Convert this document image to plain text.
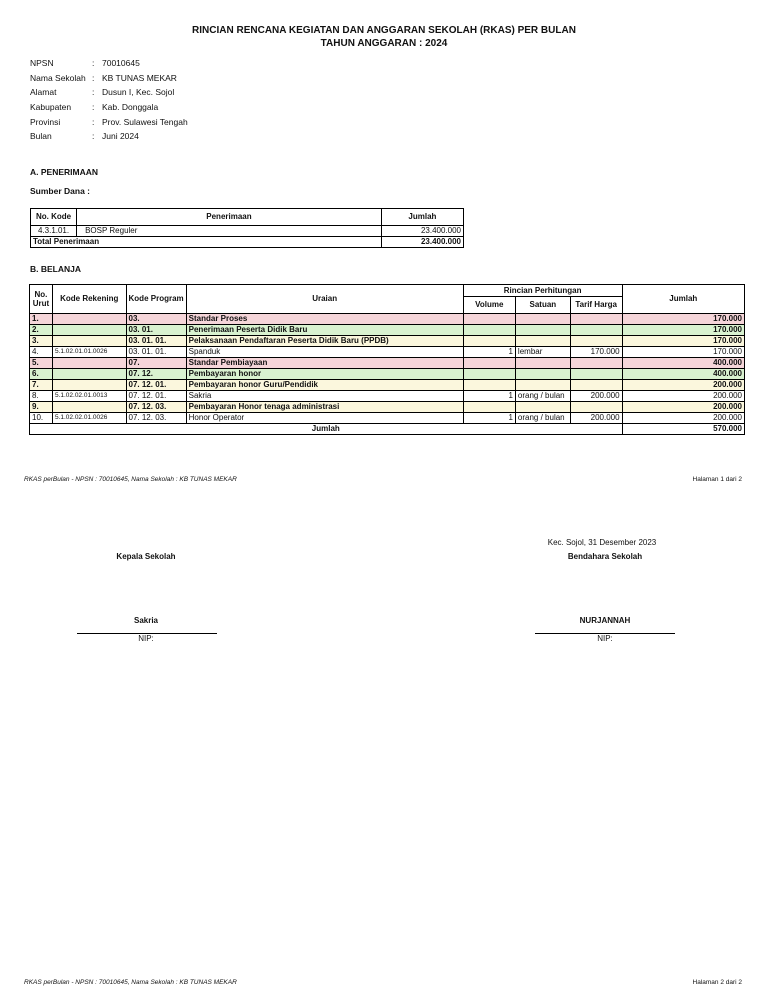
RINCIAN RENCANA KEGIATAN DAN ANGGARAN SEKOLAH (RKAS) PER BULAN
TAHUN ANGGARAN : 2024
NPSN	: 70010645
Nama Sekolah : KB TUNAS MEKAR
Alamat	: Dusun I, Kec. Sojol
Kabupaten	: Kab. Donggala
Provinsi	: Prov. Sulawesi Tengah
Bulan	: Juni 2024
A. PENERIMAAN
Sumber Dana :
No. Kode	Penerimaan	Jumlah
4.3.1.01.	BOSP Reguler	23.400.000
Total Penerimaan		23.400.000
B. BELANJA
No. Urut	Kode Rekening	Kode Program	Uraian	Rincian Perhitungan			Jumlah
				Volume	Satuan	Tarif Harga	
1.		03.	Standar Proses				170.000
2.		03. 01.	Penerimaan Peserta Didik Baru				170.000
3.		03. 01. 01.	Pelaksanaan Pendaftaran Peserta Didik Baru (PPDB)				170.000
4.	5.1.02.01.01.0026	03. 01. 01.	Spanduk	1	lembar	170.000	170.000
5.		07.	Standar Pembiayaan				400.000
6.		07. 12.	Pembayaran honor				400.000
7.		07. 12. 01.	Pembayaran honor Guru/Pendidik				200.000
8.	5.1.02.02.01.0013	07. 12. 01.	Sakria	1	orang / bulan	200.000	200.000
9.		07. 12. 03.	Pembayaran Honor tenaga administrasi				200.000
10.	5.1.02.02.01.0026	07. 12. 03.	Honor Operator	1	orang / bulan	200.000	200.000
Jumlah							570.000
RKAS perBulan - NPSN : 70010645, Nama Sekolah : KB TUNAS MEKAR	Halaman 1 dari 2
Kec. Sojol, 31 Desember 2023
Kepala Sekolah	Bendahara Sekolah
Sakria	NURJANNAH
NIP:	NIP:
RKAS perBulan - NPSN : 70010645, Nama Sekolah : KB TUNAS MEKAR	Halaman 2 dari 2
